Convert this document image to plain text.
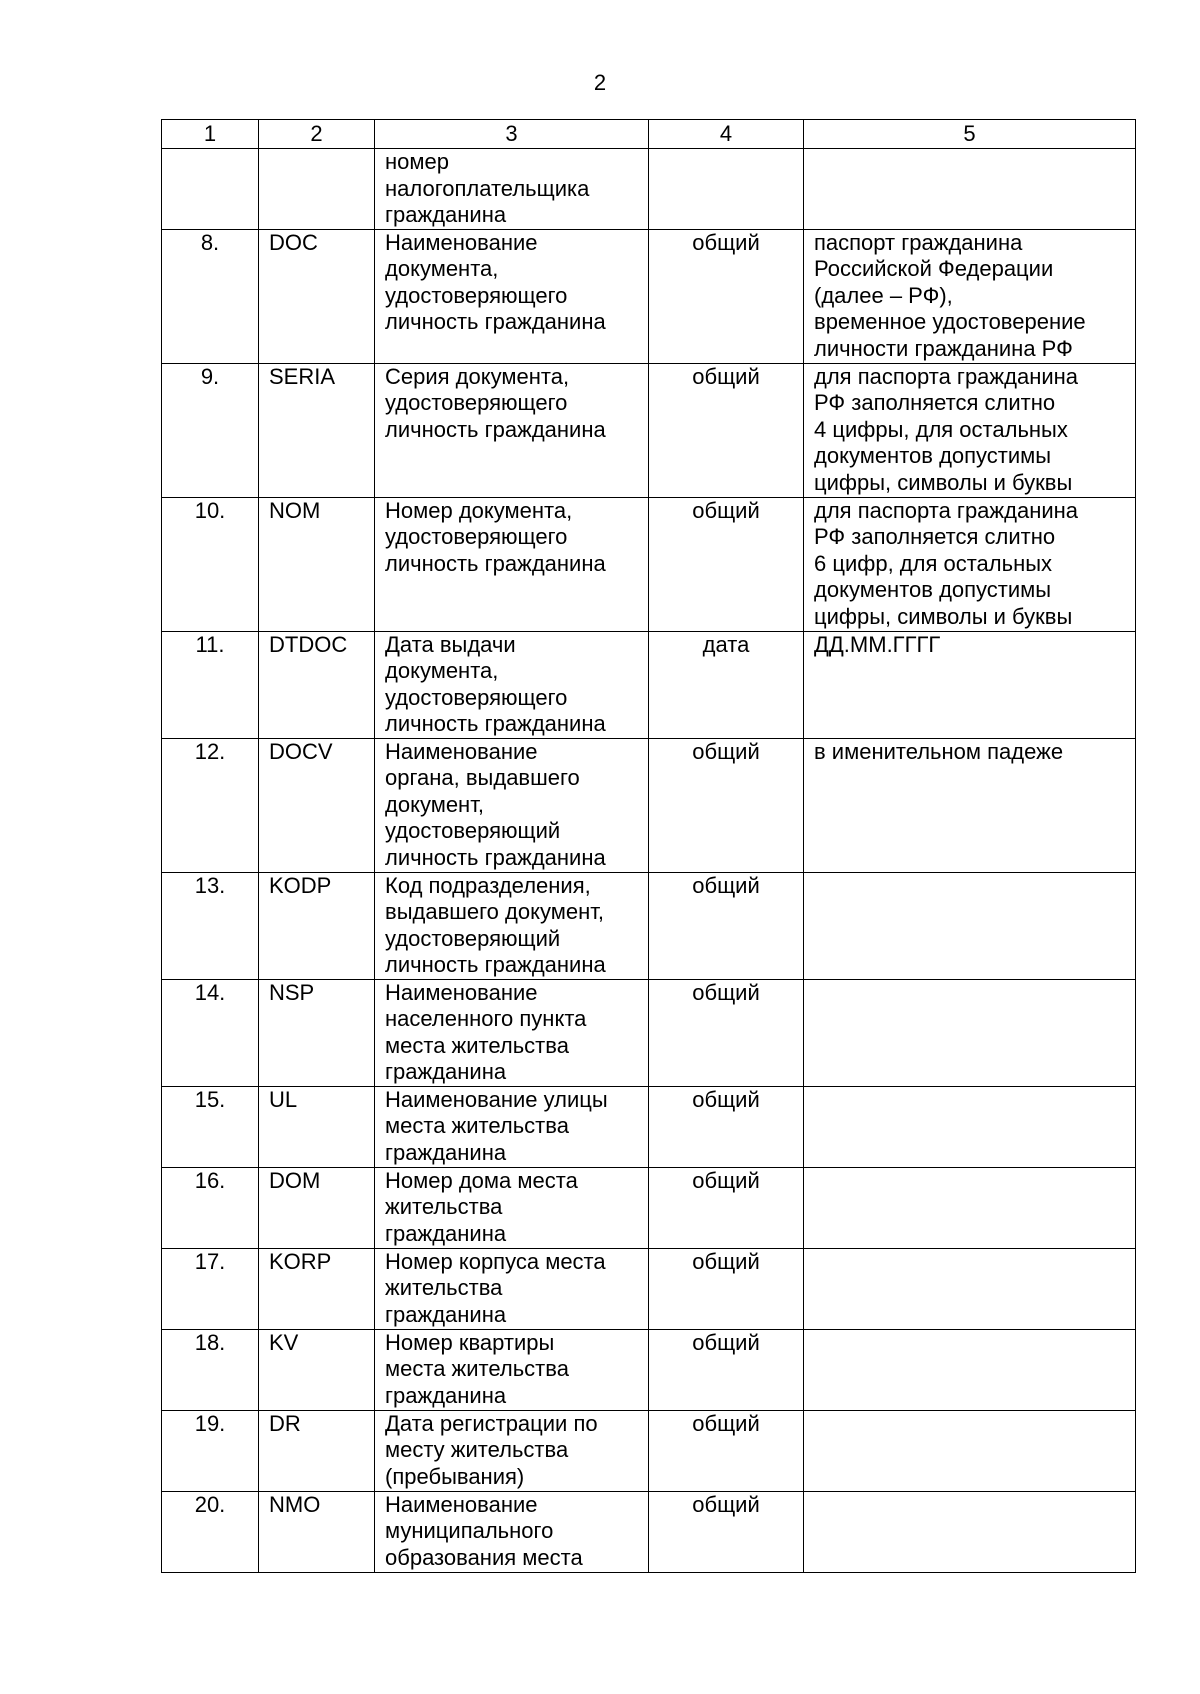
2
1	2	3	4	5
		номер
налогоплательщика
гражданина		
8.	DOC	Наименование
документа,
удостоверяющего
личность гражданина	общий	паспорт гражданина
Российской Федерации
(далее – РФ),
временное удостоверение
личности гражданина РФ
9.	SERIA	Серия документа,
удостоверяющего
личность гражданина	общий	для паспорта гражданина
РФ заполняется слитно
4 цифры, для остальных
документов допустимы
цифры, символы и буквы
10.	NOM	Номер документа,
удостоверяющего
личность гражданина	общий	для паспорта гражданина
РФ заполняется слитно
6 цифр, для остальных
документов допустимы
цифры, символы и буквы
11.	DTDOC	Дата выдачи
документа,
удостоверяющего
личность гражданина	дата	ДД.ММ.ГГГГ
12.	DOCV	Наименование
органа, выдавшего
документ,
удостоверяющий
личность гражданина	общий	в именительном падеже
13.	KODP	Код подразделения,
выдавшего документ,
удостоверяющий
личность гражданина	общий	
14.	NSP	Наименование
населенного пункта
места жительства
гражданина	общий	
15.	UL	Наименование улицы
места жительства
гражданина	общий	
16.	DOM	Номер дома места
жительства
гражданина	общий	
17.	KORP	Номер корпуса места
жительства
гражданина	общий	
18.	KV	Номер квартиры
места жительства
гражданина	общий	
19.	DR	Дата регистрации по
месту жительства
(пребывания)	общий	
20.	NMO	Наименование
муниципального
образования места	общий	
